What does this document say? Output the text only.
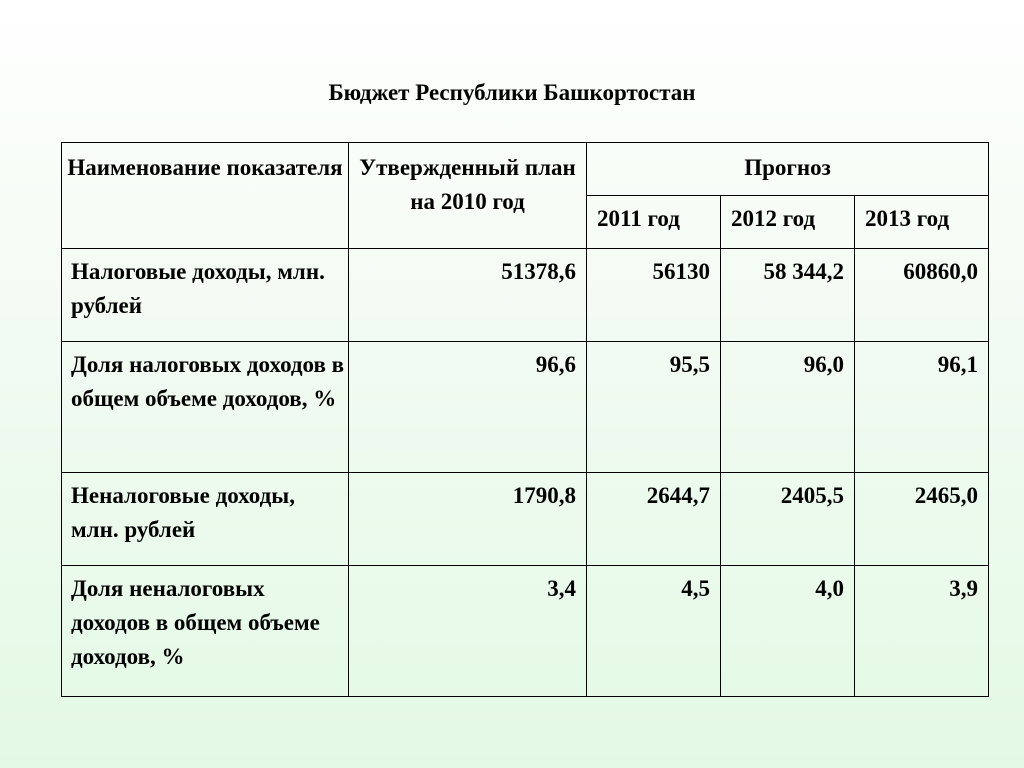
Бюджет Республики Башкортостан
Наименование показателя	Утвержденный план на 2010 год	Прогноз		
		2011 год	2012 год	2013 год
Налоговые доходы, млн. рублей	51378,6	56130	58 344,2	60860,0
Доля налоговых доходов в общем объеме доходов, %	96,6	95,5	96,0	96,1
Неналоговые доходы, млн. рублей	1790,8	2644,7	2405,5	2465,0
Доля неналоговых доходов в общем объеме доходов, %	3,4	4,5	4,0	3,9
